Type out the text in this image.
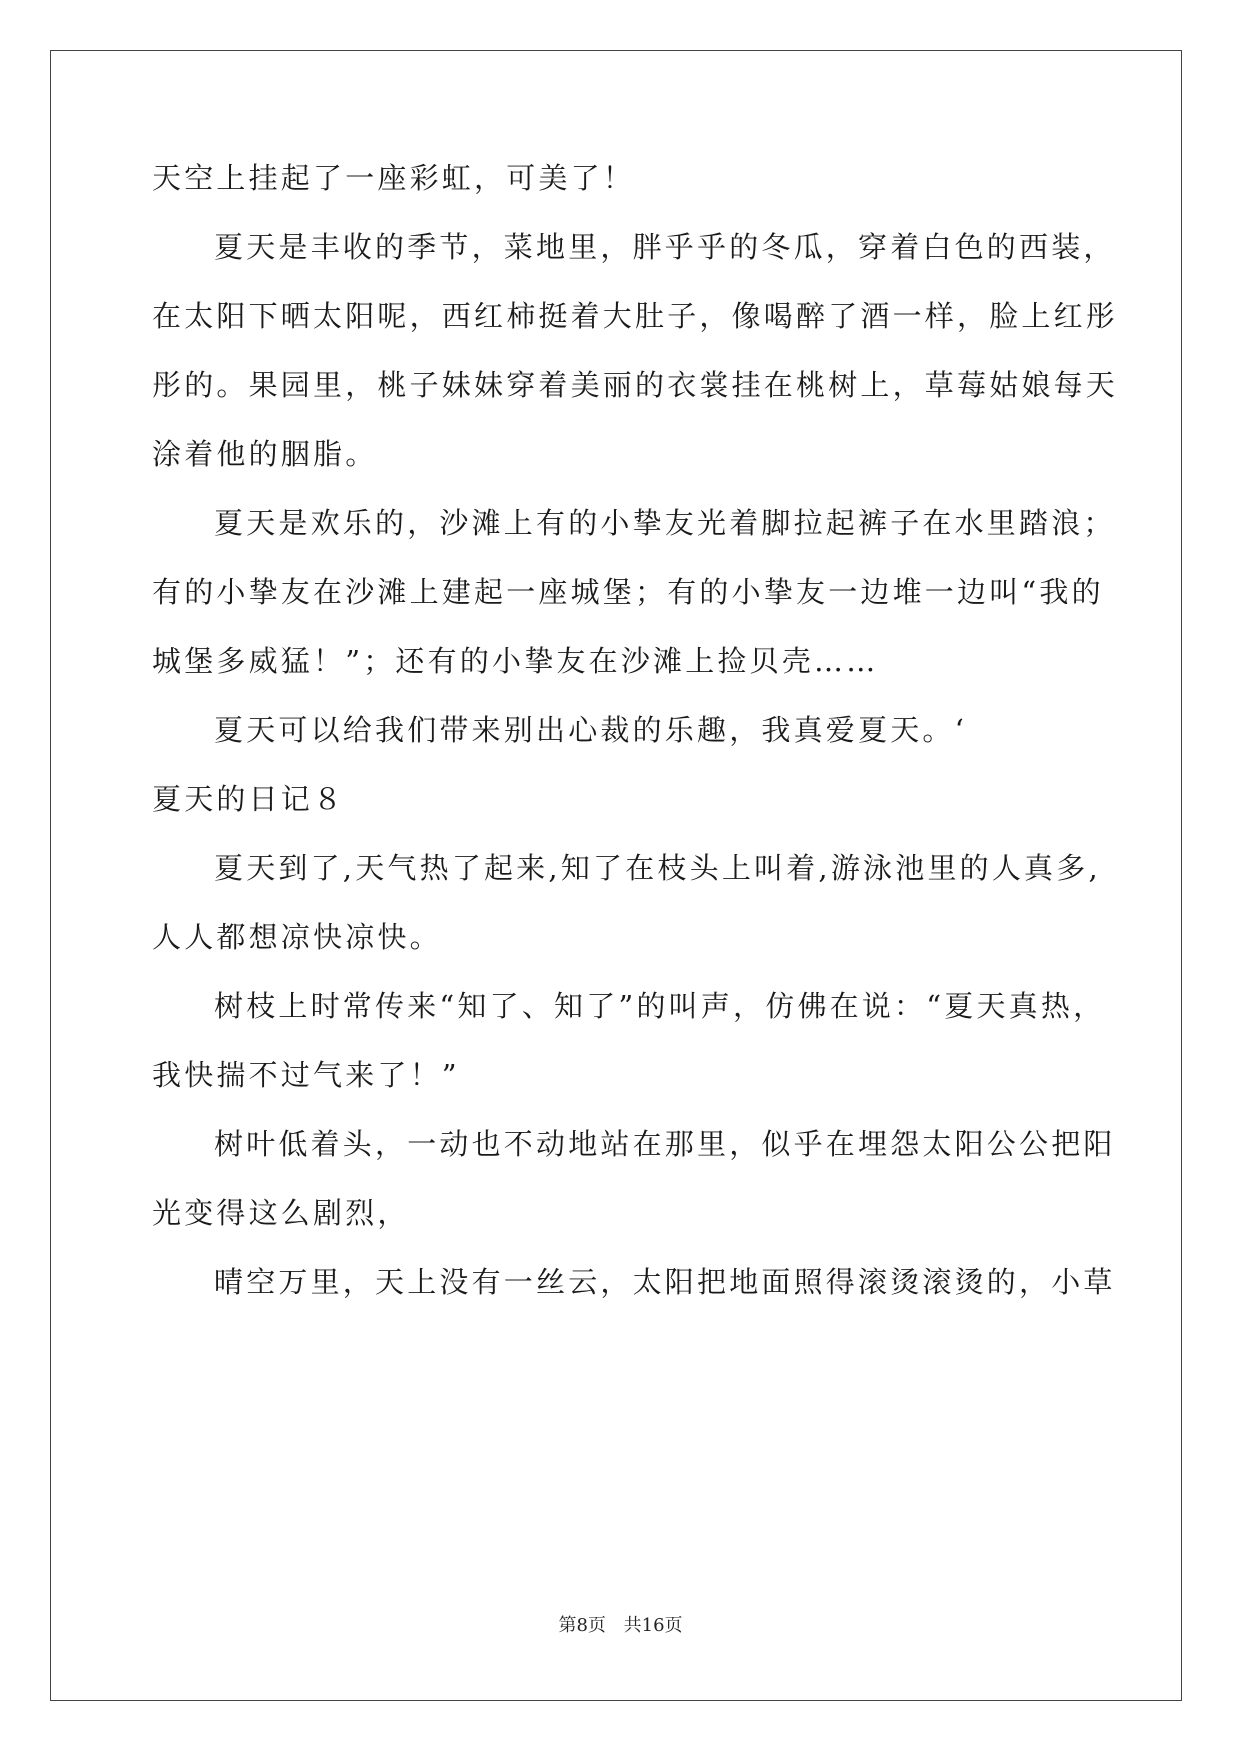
天空上挂起了一座彩虹，可美了！
夏天是丰收的季节，菜地里，胖乎乎的冬瓜，穿着白色的西装，
在太阳下晒太阳呢，西红柿挺着大肚子，像喝醉了酒一样，脸上红彤
彤的。果园里，桃子妹妹穿着美丽的衣裳挂在桃树上，草莓姑娘每天
涂着他的胭脂。
夏天是欢乐的，沙滩上有的小挚友光着脚拉起裤子在水里踏浪；
有的小挚友在沙滩上建起一座城堡；有的小挚友一边堆一边叫“我的
城堡多威猛！”；还有的小挚友在沙滩上捡贝壳……
夏天可以给我们带来别出心裁的乐趣，我真爱夏天。‘
夏天的日记８
夏天到了,天气热了起来,知了在枝头上叫着,游泳池里的人真多,
人人都想凉快凉快。
树枝上时常传来“知了、知了”的叫声，仿佛在说：“夏天真热，
我快揣不过气来了！”
树叶低着头，一动也不动地站在那里，似乎在埋怨太阳公公把阳
光变得这么剧烈，
晴空万里，天上没有一丝云，太阳把地面照得滚烫滚烫的，小草
第8页 共16页
